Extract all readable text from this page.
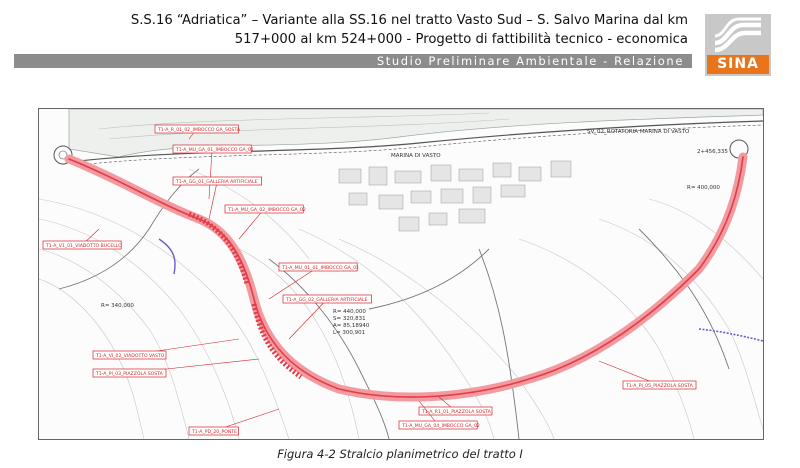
S.S.16 “Adriatica” – Variante alla SS.16 nel tratto Vasto Sud – S. Salvo Marina dal km
517+000 al km 524+000 - Progetto di fattibilità tecnico - economica
Studio Preliminare Ambientale - Relazione	SINA
MARINA DI VASTO
SV_02_ROTATORIA MARINA DI VASTO
R= 340,000
R= 440,000
S= 320,831
A= 85,18940
L= 300,901
R= 400,000
2+456,335
T1-A_R_01_02_IMBOCCO GA_SOSTA
T1-A_MU_GA_01_IMBOCCO GA_01
T1-A_GG_01_GALLERIA ARTIFICIALE
T1-A_MU_GA_02_IMBOCCO GA_02
T1-A_V1_01_VIADOTTO BUCELLO
T1-A_MU_01_01_IMBOCCO GA_01
T1-A_GG_02_GALLERIA ARTIFICIALE
T1-A_VI_02_VIADOTTO VASTO
T1-A_PI_03_PIAZZOLA SOSTA
T1-A_R1_01_PIAZZOLA SOSTA
T1-A_MU_GA_04_IMBOCCO GA_02
T1-A_PI_05_PIAZZOLA SOSTA
T1-A_PD_20_PONTE
Figura 4-2 Stralcio planimetrico del tratto I
